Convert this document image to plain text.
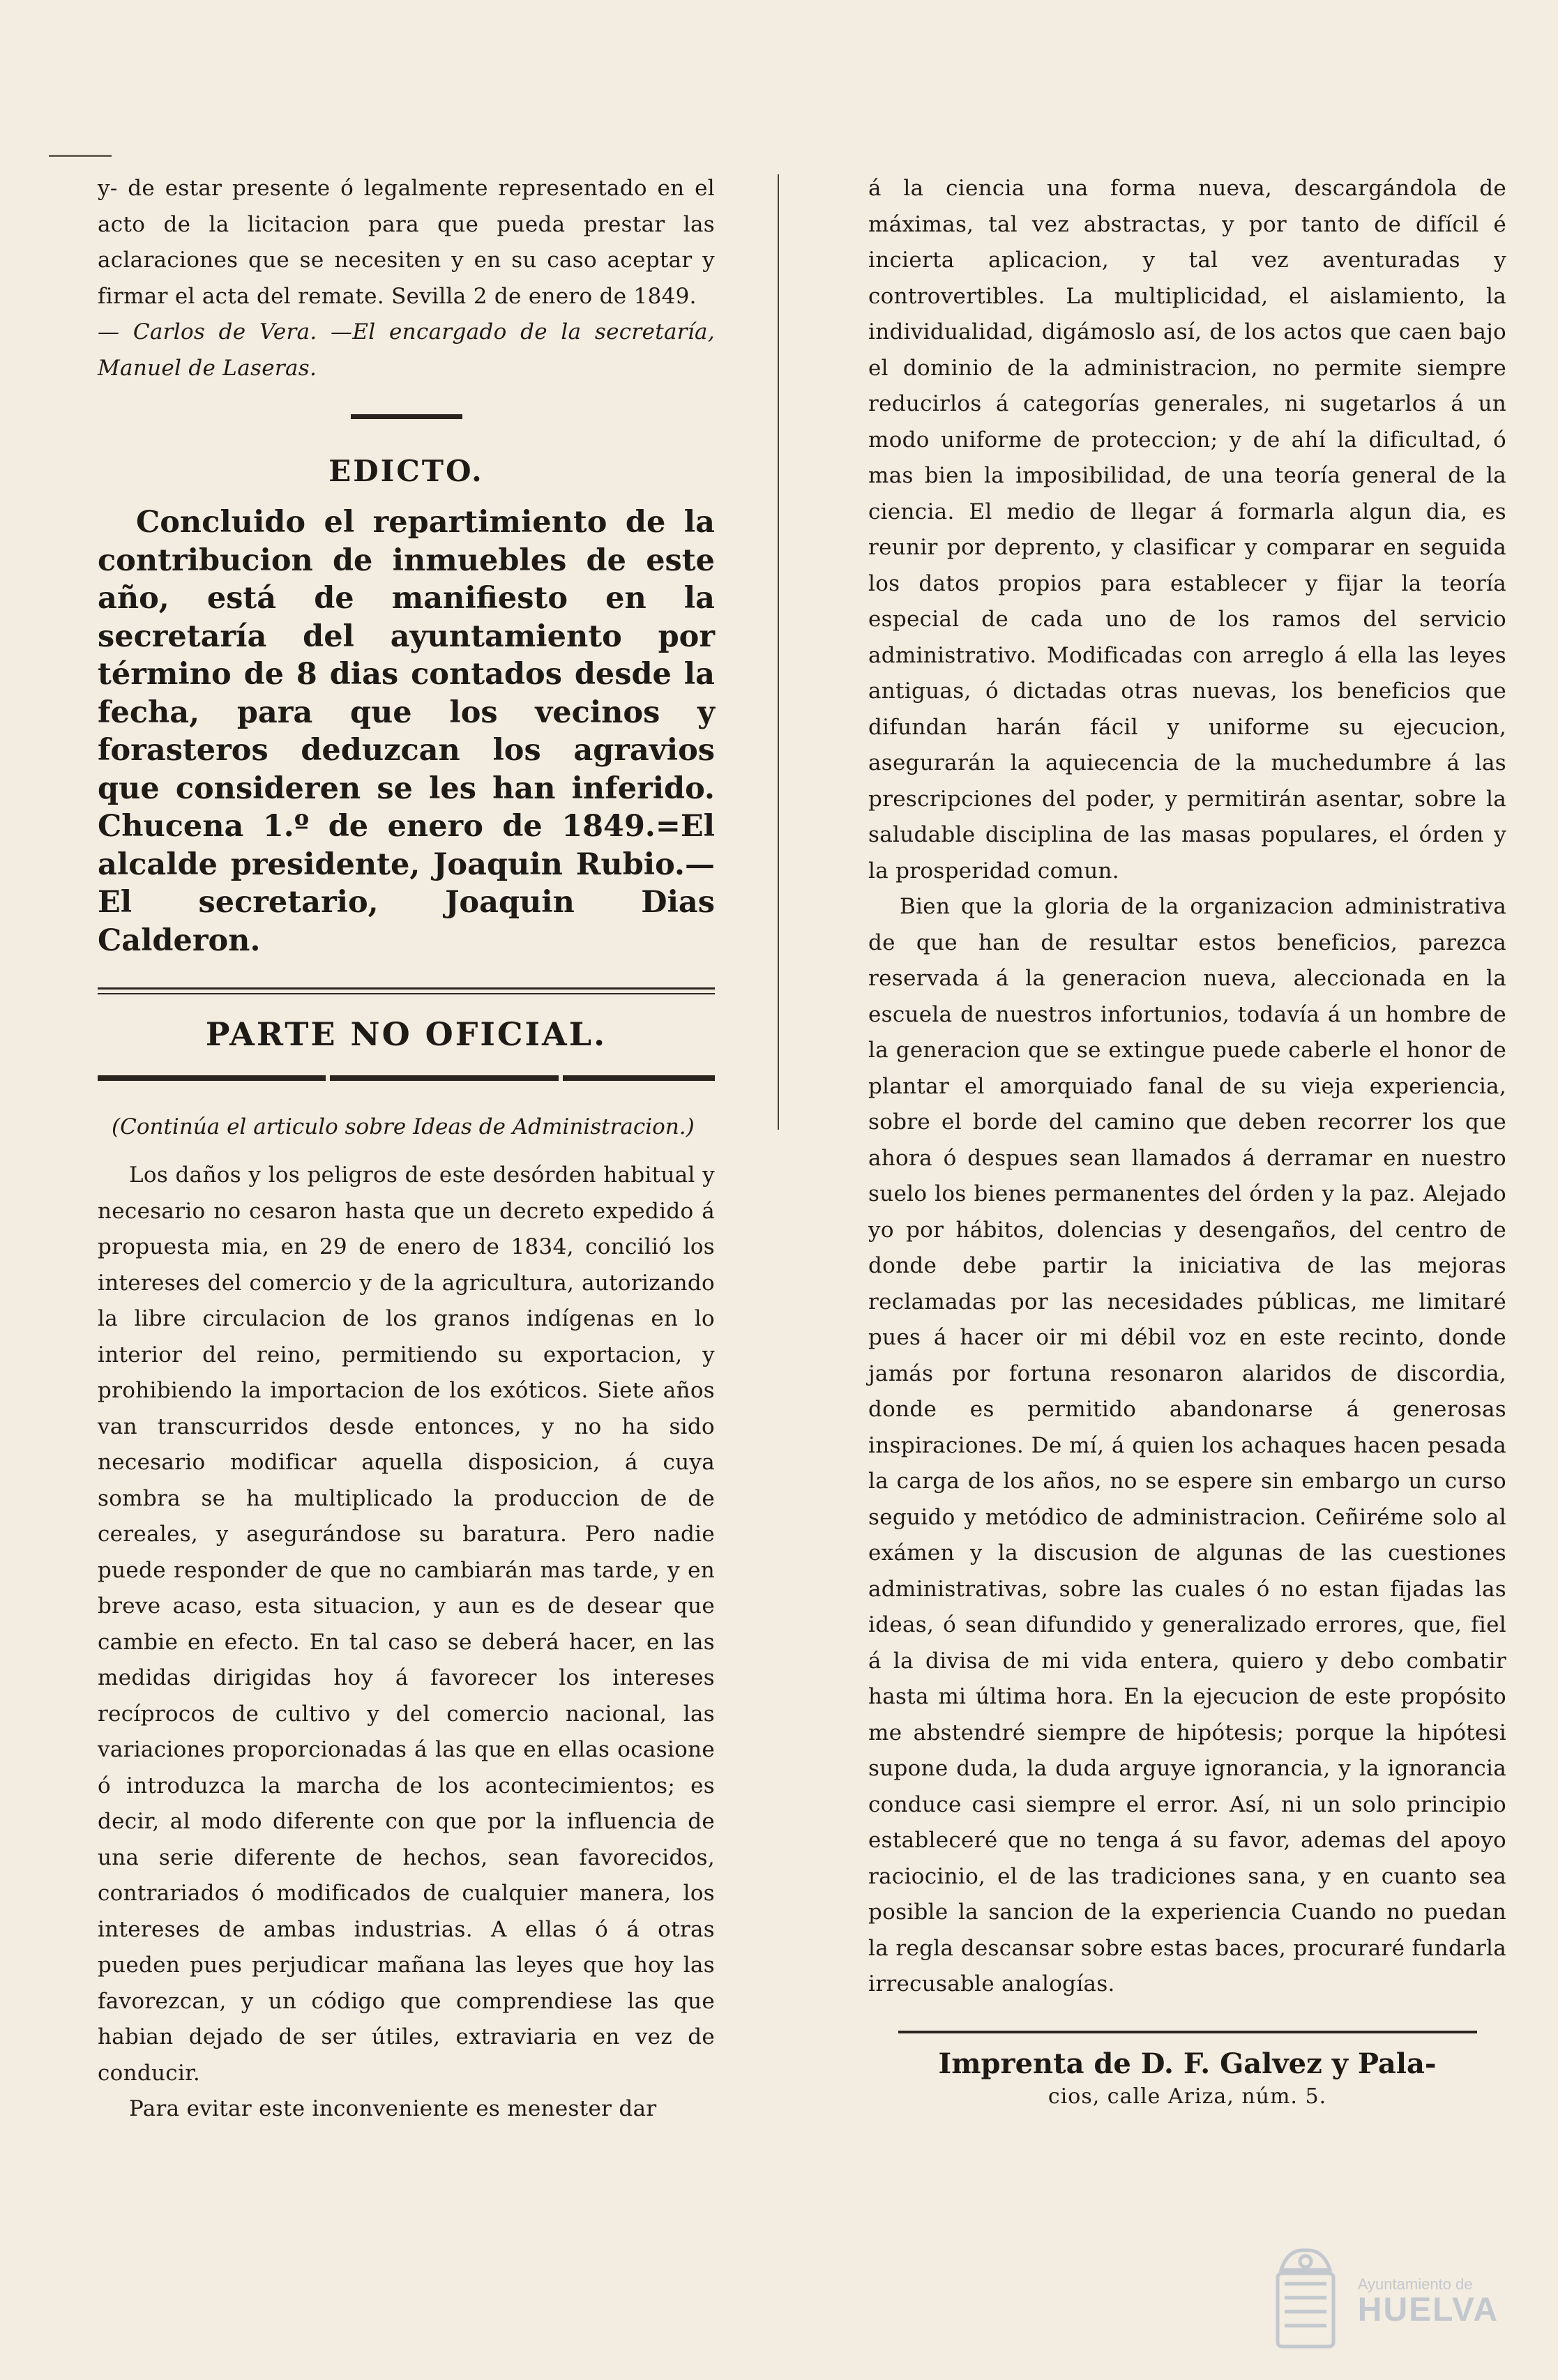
y‑ de estar presente ó legalmente representado en el acto de la licitacion para que pueda prestar las aclaraciones que se necesiten y en su caso aceptar y firmar el acta del remate. Sevilla 2 de enero de 1849.

— Carlos de Vera. —El encargado de la secretaría, Manuel de Laseras.

EDICTO.

Concluido el repartimiento de la contribucion de inmuebles de este año, está de manifiesto en la secretaría del ayuntamiento por término de 8 dias contados desde la fecha, para que los vecinos y forasteros deduzcan los agravios que consideren se les han inferido. Chucena 1.º de enero de 1849.=El alcalde presidente, Joaquin Rubio.— El secretario, Joaquin Dias Calderon.

PARTE NO OFICIAL.

(Continúa el articulo sobre Ideas de Administracion.)

Los daños y los peligros de este desórden habitual y necesario no cesaron hasta que un decreto expedido á propuesta mia, en 29 de enero de 1834, concilió los intereses del comercio y de la agricultura, autorizando la libre circulacion de los granos indígenas en lo interior del reino, permitiendo su exportacion, y prohibiendo la importacion de los exóticos. Siete años van transcurridos desde entonces, y no ha sido necesario modificar aquella disposicion, á cuya sombra se ha multiplicado la produccion de de cereales, y asegurándose su baratura. Pero nadie puede responder de que no cambiarán mas tarde, y en breve acaso, esta situacion, y aun es de desear que cambie en efecto. En tal caso se deberá hacer, en las medidas dirigidas hoy á favorecer los intereses recíprocos de cultivo y del comercio nacional, las variaciones proporcionadas á las que en ellas ocasione ó introduzca la marcha de los acontecimientos; es decir, al modo diferente con que por la influencia de una serie diferente de hechos, sean favorecidos, contrariados ó modificados de cualquier manera, los intereses de ambas industrias. A ellas ó á otras pueden pues perjudicar mañana las leyes que hoy las favorezcan, y un código que comprendiese las que habian dejado de ser útiles, extraviaria en vez de conducir.

Para evitar este inconveniente es menester dar

á la ciencia una forma nueva, descargándola de máximas, tal vez abstractas, y por tanto de difícil é incierta aplicacion, y tal vez aventuradas y controvertibles. La multiplicidad, el aislamiento, la individualidad, digámoslo así, de los actos que caen bajo el dominio de la administracion, no permite siempre reducirlos á categorías generales, ni sugetarlos á un modo uniforme de proteccion; y de ahí la dificultad, ó mas bien la imposibilidad, de una teoría general de la ciencia. El medio de llegar á formarla algun dia, es reunir por deprento, y clasificar y comparar en seguida los datos propios para establecer y fijar la teoría especial de cada uno de los ramos del servicio administrativo. Modificadas con arreglo á ella las leyes antiguas, ó dictadas otras nuevas, los beneficios que difundan harán fácil y uniforme su ejecucion, asegurarán la aquiecencia de la muchedumbre á las prescripciones del poder, y permitirán asentar, sobre la saludable disciplina de las masas populares, el órden y la prosperidad comun.

Bien que la gloria de la organizacion administrativa de que han de resultar estos beneficios, parezca reservada á la generacion nueva, aleccionada en la escuela de nuestros infortunios, todavía á un hombre de la generacion que se extingue puede caberle el honor de plantar el amorquiado fanal de su vieja experiencia, sobre el borde del camino que deben recorrer los que ahora ó despues sean llamados á derramar en nuestro suelo los bienes permanentes del órden y la paz. Alejado yo por hábitos, dolencias y desengaños, del centro de donde debe partir la iniciativa de las mejoras reclamadas por las necesidades públicas, me limitaré pues á hacer oir mi débil voz en este recinto, donde jamás por fortuna resonaron alaridos de discordia, donde es permitido abandonarse á generosas inspiraciones. De mí, á quien los achaques hacen pesada la carga de los años, no se espere sin embargo un curso seguido y metódico de administracion. Ceñiréme solo al exámen y la discusion de algunas de las cuestiones administrativas, sobre las cuales ó no estan fijadas las ideas, ó sean difundido y generalizado errores, que, fiel á la divisa de mi vida entera, quiero y debo combatir hasta mi última hora. En la ejecucion de este propósito me abstendré siempre de hipótesis; porque la hipótesi supone duda, la duda arguye ignorancia, y la ignorancia conduce casi siempre el error. Así, ni un solo principio estableceré que no tenga á su favor, ademas del apoyo raciocinio, el de las tradiciones sana, y en cuanto sea posible la sancion de la experiencia Cuando no puedan la regla descansar sobre estas baces, procuraré fundarla irrecusable analogías.

Imprenta de D. F. Galvez y Pala-
cios, calle Ariza, núm. 5.
Ayuntamiento de
HUELVA
